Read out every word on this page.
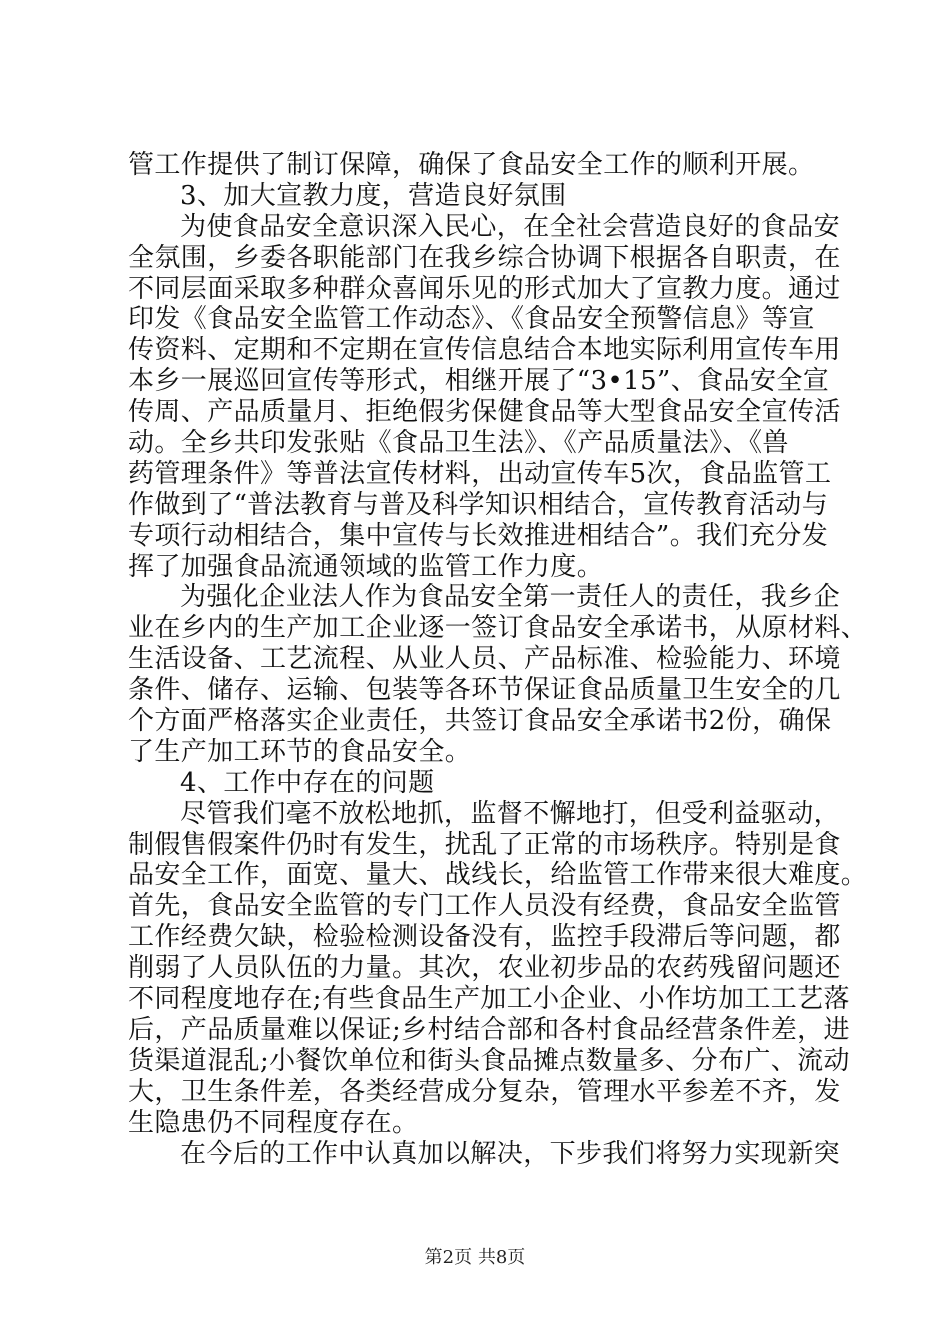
管工作提供了制订保障，确保了食品安全工作的顺利开展。
3、加大宣教力度，营造良好氛围
为使食品安全意识深入民心，在全社会营造良好的食品安
全氛围，乡委各职能部门在我乡综合协调下根据各自职责，在
不同层面采取多种群众喜闻乐见的形式加大了宣教力度。通过
印发《食品安全监管工作动态》、《食品安全预警信息》等宣
传资料、定期和不定期在宣传信息结合本地实际利用宣传车用
本乡一展巡回宣传等形式，相继开展了“3•15”、食品安全宣
传周、产品质量月、拒绝假劣保健食品等大型食品安全宣传活
动。全乡共印发张贴《食品卫生法》、《产品质量法》、《兽
药管理条件》等普法宣传材料，出动宣传车5次，食品监管工
作做到了“普法教育与普及科学知识相结合，宣传教育活动与
专项行动相结合，集中宣传与长效推进相结合”。我们充分发
挥了加强食品流通领域的监管工作力度。
为强化企业法人作为食品安全第一责任人的责任，我乡企
业在乡内的生产加工企业逐一签订食品安全承诺书，从原材料、
生活设备、工艺流程、从业人员、产品标准、检验能力、环境
条件、储存、运输、包装等各环节保证食品质量卫生安全的几
个方面严格落实企业责任，共签订食品安全承诺书2份，确保
了生产加工环节的食品安全。
4、工作中存在的问题
尽管我们毫不放松地抓，监督不懈地打，但受利益驱动，
制假售假案件仍时有发生，扰乱了正常的市场秩序。特别是食
品安全工作，面宽、量大、战线长，给监管工作带来很大难度。
首先，食品安全监管的专门工作人员没有经费，食品安全监管
工作经费欠缺，检验检测设备没有，监控手段滞后等问题，都
削弱了人员队伍的力量。其次，农业初步品的农药残留问题还
不同程度地存在;有些食品生产加工小企业、小作坊加工工艺落
后，产品质量难以保证;乡村结合部和各村食品经营条件差，进
货渠道混乱;小餐饮单位和街头食品摊点数量多、分布广、流动
大，卫生条件差，各类经营成分复杂，管理水平参差不齐，发
生隐患仍不同程度存在。
在今后的工作中认真加以解决，下步我们将努力实现新突
第2页 共8页
